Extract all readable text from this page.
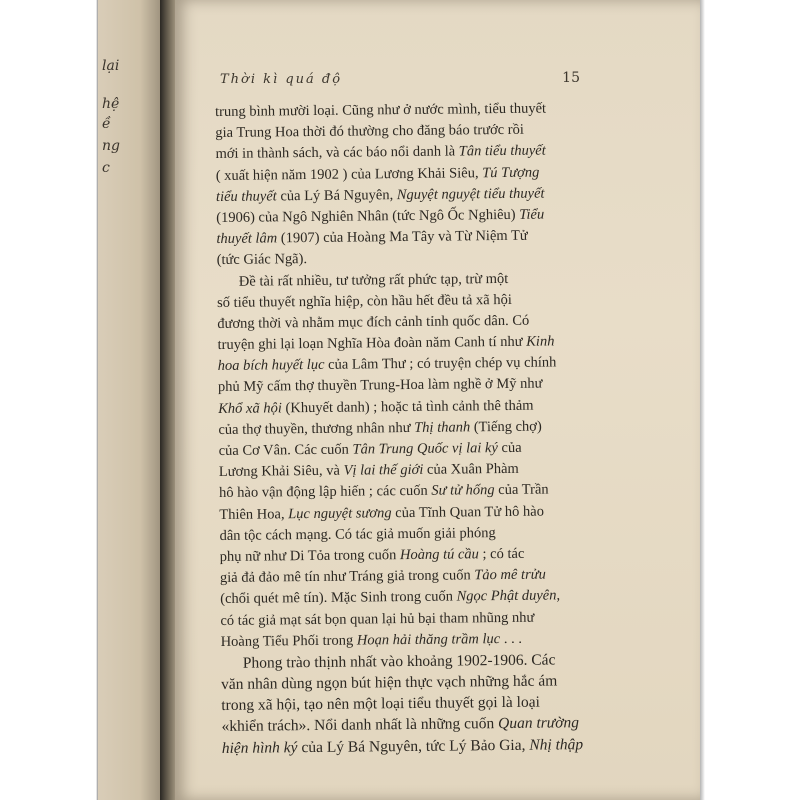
lại
hệ
ề
ng
c
Thời kì quá độ	15
trung bình mười loại. Cũng như ở nước mình, tiểu thuyết
gia Trung Hoa thời đó thường cho đăng báo trước rồi
mới in thành sách, và các báo nổi danh là Tân tiểu thuyết
( xuất hiện năm 1902 ) của Lương Khải Siêu, Tú Tượng
tiểu thuyết của Lý Bá Nguyên, Nguyệt nguyệt tiểu thuyết
(1906) của Ngô Nghiên Nhân (tức Ngô Ốc Nghiêu) Tiểu
thuyết lâm (1907) của Hoàng Ma Tây và Từ Niệm Tử
(tức Giác Ngã).
Đề tài rất nhiều, tư tưởng rất phức tạp, trừ một
số tiểu thuyết nghĩa hiệp, còn hầu hết đều tả xã hội
đương thời và nhằm mục đích cảnh tỉnh quốc dân. Có
truyện ghi lại loạn Nghĩa Hòa đoàn năm Canh tí như Kinh
hoa bích huyết lục của Lâm Thư ; có truyện chép vụ chính
phủ Mỹ cấm thợ thuyền Trung-Hoa làm nghề ở Mỹ như
Khổ xã hội (Khuyết danh) ; hoặc tả tình cảnh thê thảm
của thợ thuyền, thương nhân như Thị thanh (Tiếng chợ)
của Cơ Vân. Các cuốn Tân Trung Quốc vị lai ký của
Lương Khải Siêu, và Vị lai thế giới của Xuân Phàm
hô hào vận động lập hiến ; các cuốn Sư tử hống của Trần
Thiên Hoa, Lục nguyệt sương của Tĩnh Quan Tử hô hào
dân tộc cách mạng. Có tác giả muốn giải phóng
phụ nữ như Di Tỏa trong cuốn Hoàng tú cầu ; có tác
giả đả đảo mê tín như Tráng giả trong cuốn Tảo mê trửu
(chổi quét mê tín). Mặc Sinh trong cuốn Ngọc Phật duyên,
có tác giả mạt sát bọn quan lại hủ bại tham nhũng như
Hoàng Tiểu Phối trong Hoạn hải thăng trầm lục . . .
Phong trào thịnh nhất vào khoảng 1902-1906. Các
văn nhân dùng ngọn bút hiện thực vạch những hắc ám
trong xã hội, tạo nên một loại tiểu thuyết gọi là loại
«khiển trách». Nổi danh nhất là những cuốn Quan trường
hiện hình ký của Lý Bá Nguyên, tức Lý Bảo Gia, Nhị thập
